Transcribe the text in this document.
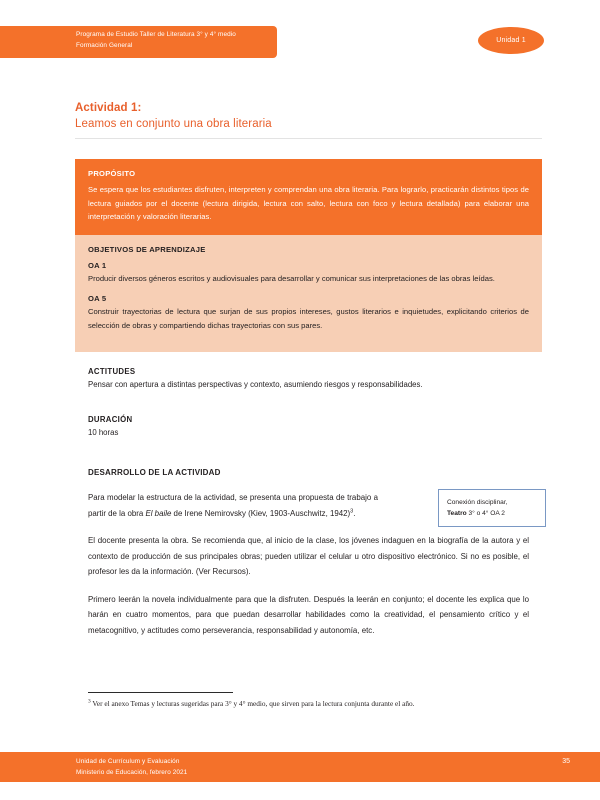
Programa de Estudio Taller de Literatura 3° y 4° medio
Formación General
Unidad 1
Actividad 1:
Leamos en conjunto una obra literaria
PROPÓSITO
Se espera que los estudiantes disfruten, interpreten y comprendan una obra literaria. Para lograrlo, practicarán distintos tipos de lectura guiados por el docente (lectura dirigida, lectura con salto, lectura con foco y lectura detallada) para elaborar una interpretación y valoración literarias.
OBJETIVOS DE APRENDIZAJE
OA 1
Producir diversos géneros escritos y audiovisuales para desarrollar y comunicar sus interpretaciones de las obras leídas.
OA 5
Construir trayectorias de lectura que surjan de sus propios intereses, gustos literarios e inquietudes, explicitando criterios de selección de obras y compartiendo dichas trayectorias con sus pares.
ACTITUDES
Pensar con apertura a distintas perspectivas y contexto, asumiendo riesgos y responsabilidades.
DURACIÓN
10 horas
DESARROLLO DE LA ACTIVIDAD
Para modelar la estructura de la actividad, se presenta una propuesta de trabajo a partir de la obra El baile de Irene Nemirovsky (Kiev, 1903-Auschwitz, 1942)$^3$.
Conexión disciplinar,
Teatro 3° o 4° OA 2
El docente presenta la obra. Se recomienda que, al inicio de la clase, los jóvenes indaguen en la biografía de la autora y el contexto de producción de sus principales obras; pueden utilizar el celular u otro dispositivo electrónico. Si no es posible, el profesor les da la información. (Ver Recursos).
Primero leerán la novela individualmente para que la disfruten. Después la leerán en conjunto; el docente les explica que lo harán en cuatro momentos, para que puedan desarrollar habilidades como la creatividad, el pensamiento crítico y el metacognitivo, y actitudes como perseverancia, responsabilidad y autonomía, etc.
$^3$ Ver el anexo Temas y lecturas sugeridas para 3° y 4° medio, que sirven para la lectura conjunta durante el año.
Unidad de Currículum y Evaluación
Ministerio de Educación, febrero 2021
35
